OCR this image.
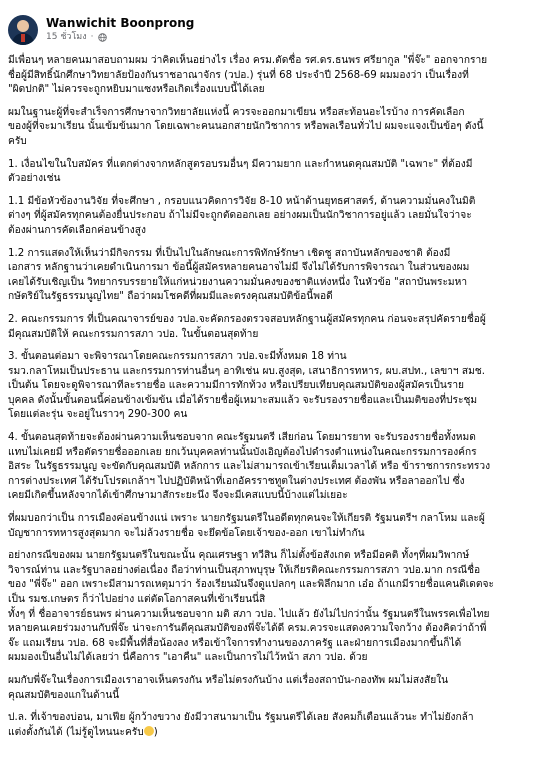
Wanwichit Boonprong
15 ชั่วโมง ·

มีเพื่อนๆ หลายคนมาสอบถามผม ว่าคิดเห็นอย่างไร เรื่อง ครม.ตัดชื่อ รศ.ดร.ธนพร ศรียากูล "พี่จ๊ะ" ออกจากราย
ชื่อผู้มีสิทธิ์นักศึกษาวิทยาลัยป้องกันราชอาณาจักร (วปอ.) รุ่นที่ 68 ประจำปี 2568-69 ผมมองว่า เป็นเรื่องที่
"ผิดปกติ" ไม่ควรจะถูกหยิบมาแซงหรือเกิดเรื่องแบบนี้ได้เลย

ผมในฐานะผู้ที่จะสำเร็จการศึกษาจากวิทยาลัยแห่งนี้ ควรจะออกมาเขียน หรือสะท้อนอะไรบ้าง การคัดเลือก
ของผู้ที่จะมาเรียน นั้นเข้มข้นมาก โดยเฉพาะคนนอกสายนักวิชาการ หรือพลเรือนทั่วไป ผมจะแจงเป็นข้อๆ ดังนี้
ครับ

1. เงื่อนไขในใบสมัคร ที่แตกต่างจากหลักสูตรอบรมอื่นๆ มีความยาก และกำหนดคุณสมบัติ "เฉพาะ" ที่ต้องมี
ตัวอย่างเช่น

1.1 มีข้อหัวข้องานวิจัย ที่จะศึกษา , กรอบแนวคิดการวิจัย 8-10 หน้าด้านยุทธศาสตร์, ด้านความมั่นคงในมิติ
ต่างๆ ที่ผู้สมัครทุกคนต้องยื่นประกอบ ถ้าไม่มีจะถูกตัดออกเลย อย่างผมเป็นนักวิชาการอยู่แล้ว เลยมั่นใจว่าจะ
ต้องผ่านการคัดเลือกค่อนข้างสูง

1.2 การแสดงให้เห็นว่ามีกิจกรรม ที่เป็นไปในลักษณะการพิทักษ์รักษา เชิดชู สถาบันหลักของชาติ ต้องมี
เอกสาร หลักฐานว่าเคยดำเนินการมา ข้อนี้ผู้สมัครหลายคนอาจไม่มี จึงไม่ได้รับการพิจารณา ในส่วนของผม
เคยได้รับเชิญเป็น วิทยากรบรรยายให้แก่หน่วยงานความมั่นคงของชาติแห่งหนึ่ง ในหัวข้อ "สถาบันพระมหา
กษัตริย์ในรัฐธรรมนูญไทย" ถือว่าผมโชคดีที่ผมมีและตรงคุณสมบัติข้อนี้พอดี

2. คณะกรรมการ ที่เป็นคณาจารย์ของ วปอ.จะคัดกรองตรวจสอบหลักฐานผู้สมัครทุกคน ก่อนจะสรุปคัดรายชื่อผู้
มีคุณสมบัติให้ คณะกรรมการสภา วปอ. ในขั้นตอนสุดท้าย

3. ขั้นตอนต่อมา จะพิจารณาโดยคณะกรรมการสภา วปอ.จะมีทั้งหมด 18 ท่าน
รมว.กลาโหมเป็นประธาน และกรรมการท่านอื่นๆ อาทิเช่น ผบ.สูงสุด, เสนาธิการทหาร, ผบ.สปท., เลขาฯ สมช.
เป็นต้น โดยจะดูพิจารณาทีละรายชื่อ และความมีการทักท้วง หรือเปรียบเทียบคุณสมบัติของผู้สมัครเป็นราย
บุคคล ดังนั้นขั้นตอนนี้ค่อนข้างเข้มข้น เมื่อได้รายชื่อผู้เหมาะสมแล้ว จะรับรองรายชื่อและเป็นมติของที่ประชุม
โดยแต่ละรุ่น จะอยู่ในราวๆ 290-300 คน

4. ขั้นตอนสุดท้ายจะต้องผ่านความเห็นชอบจาก คณะรัฐมนตรี เสียก่อน โดยมารยาท จะรับรองรายชื่อทั้งหมด
แทบไม่เคยมี หรือตัดรายชื่อออกเลย ยกเว้นบุคคลท่านนั้นบังเอิญต้องไปดำรงตำแหน่งในคณะกรรมการองค์กร
อิสระ ในรัฐธรรมนูญ จะขัดกับคุณสมบัติ หลักการ และไม่สามารถเข้าเรียนเต็มเวลาได้ หรือ ข้าราชการกระทรวง
การต่างประเทศ ได้รับโปรดเกล้าฯ ไปปฏิบัติหน้าที่เอกอัครราชทูตในต่างประเทศ ต้องพัน หรือลาออกไป ซึ่ง
เคยมีเกิดขึ้นหลังจากได้เข้าศึกษามาสักระยะนึง จึงจะมีเคสแบบนี้บ้างแต่ไม่เยอะ

ที่ผมบอกว่าเป็น การเมืองค่อนข้างแน่ เพราะ นายกรัฐมนตรีในอดีตทุกคนจะให้เกียรติ รัฐมนตรีฯ กลาโหม และผู้
บัญชาการทหารสูงสุดมาก จะไม่ล้วงรายชื่อ จะยึดข้อโดยเจ้าของ-ออก เขาไม่ทำกัน

อย่างกรณีของผม นายกรัฐมนตรีในขณะนั้น คุณเศรษฐา ทวีสิน ก็ไม่ตั้งข้อสังเกต หรือมีอคติ ทั้งๆที่ผมวิพากษ์
วิจารณ์ท่าน และรัฐบาลอย่างต่อเนื่อง ถือว่าท่านเป็นสุภาพบุรุษ ให้เกียรติคณะกรรมการสภา วปอ.มาก กรณีชื่อ
ของ "พี่จ๊ะ" ออก เพราะมีสามารถเหตุมาว่า ร้องเรียนมันจึงดูแปลกๆ และพิลึกมาก เอ๋อ ถ้าแกมีรายชื่อแคนดิเดตจะ
เป็น รมช.เกษตร ก็ว่าไปอย่าง แต่ตัดโอกาสคนที่เข้าเรียนนี่สิ
ทั้งๆ ที่ ชื่ออาจารย์ธนพร ผ่านความเห็นชอบจาก มติ สภา วปอ. ไปแล้ว ยังไม่ไปกว่านั้น รัฐมนตรีในพรรคเพื่อไทย
หลายคนเคยร่วมงานกับพี่จ๊ะ น่าจะการันตีคุณสมบัติของพี่จ๊ะได้ดี ครม.ควรจะแสดงความใจกว้าง ต้องคิดว่าถ้าพี่
จ๊ะ แถมเรียน วปอ. 68 จะมีพื้นที่สื่อน้องลง หรือเข้าใจการทำงานของภาครัฐ และฝ่ายการเมืองมากขึ้นก็ได้
ผมมองเป็นอื่นไม่ได้เลยว่า นี่คือการ "เอาคืน" และเป็นการไม่ไว้หน้า สภา วปอ. ด้วย

ผมกับพี่จ๊ะในเรื่องการเมืองเราอาจเห็นตรงกัน หรือไม่ตรงกันบ้าง แต่เรื่องสถาบัน-กองทัพ ผมไม่สงสัยใน
คุณสมบัติของแกในด้านนี้

ป.ล. ที่เจ้าของบ่อน, มาเฟีย ผู้กว้างขวาง ยังมีวาสนามาเป็น รัฐมนตรีได้เลย สังคมก็เตือนแล้วนะ ทำไม่ยังกล้า
แต่งตั้งกันได้ (ไม่รู้ดูไหนนะครับ )
